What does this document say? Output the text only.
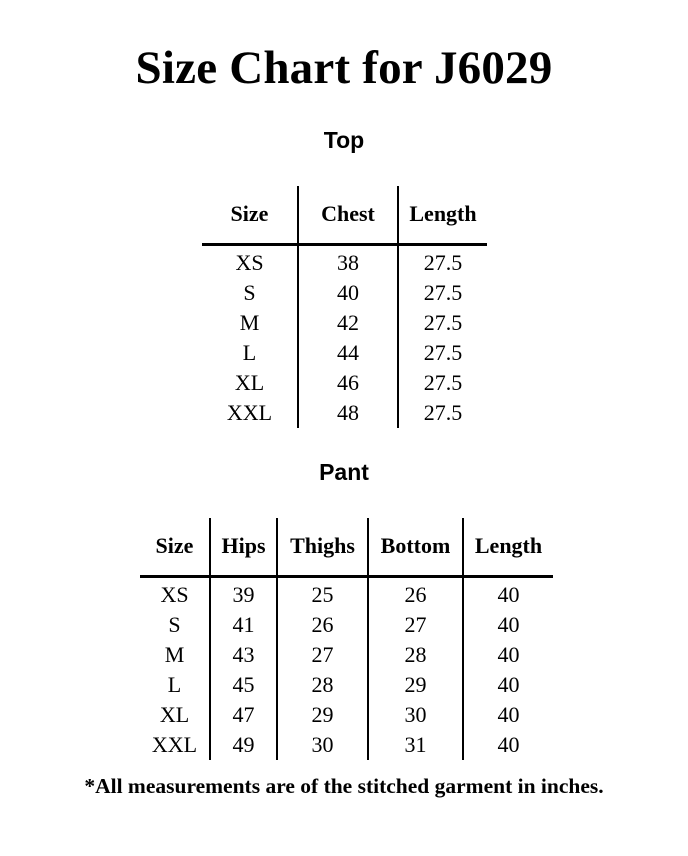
Size Chart for J6029
Top
Size	Chest	Length
XS	38	27.5
S	40	27.5
M	42	27.5
L	44	27.5
XL	46	27.5
XXL	48	27.5
Pant
Size	Hips	Thighs	Bottom	Length
XS	39	25	26	40
S	41	26	27	40
M	43	27	28	40
L	45	28	29	40
XL	47	29	30	40
XXL	49	30	31	40
*All measurements are of the stitched garment in inches.
